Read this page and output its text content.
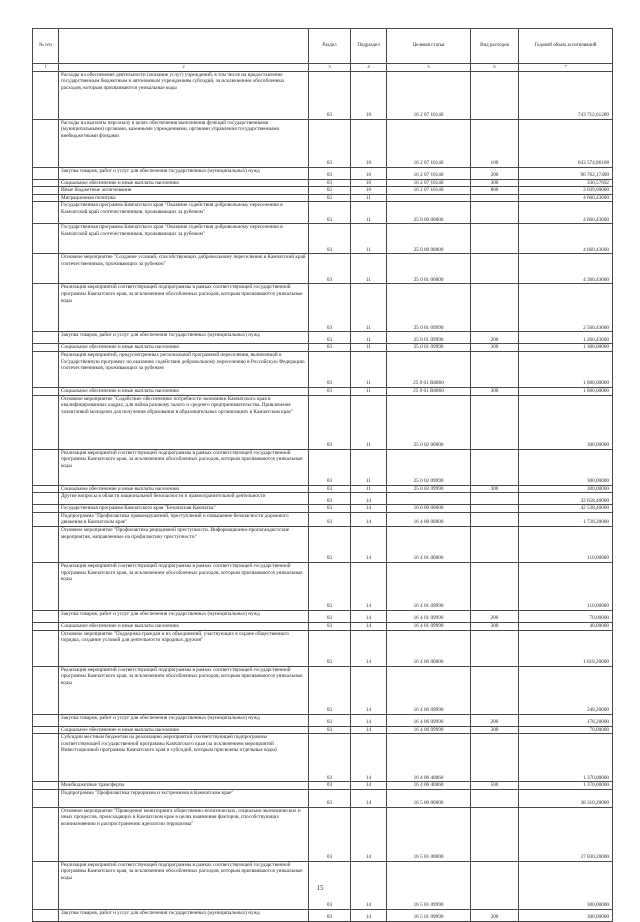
№ п/п		Раздел	Подраздел	Целевая статья	Вид расходов	Годовой объем ассигнований
1	2	3	4	5	6	7
	Расходы на обеспечение деятельности (оказание услуг) учреждений, в том числе на предоставление государственным бюджетным и автономным учреждениям субсидий, за исключением обособленных расходов, которым присваиваются уникальные коды	03	10	16 2 07 10140		743 712,61200
	Расходы на выплаты персоналу в целях обеспечения выполнения функций государственными (муниципальными) органами, казенными учреждениями, органами управления государственными внебюджетными фондами	03	10	16 2 07 10140	100	643 574,86108
	Закупка товаров, работ и услуг для обеспечения государственных (муниципальных) нужд	03	10	16 2 07 10140	200	96 762,17400
	Социальное обеспечение и иные выплаты населению	03	10	16 2 07 10140	300	336,57692
	Иные бюджетные ассигнования	03	10	16 2 07 10140	800	3 039,00000
	Миграционная политика	03	11			4 660,43600
	Государственная программа Камчатского края "Оказание содействия добровольному переселению в Камчатский край соотечественников, проживающих за рубежом"	03	11	25 0 00 00000		4 660,43600
	Государственная программа Камчатского края "Оказание содействия добровольному переселению в Камчатский край соотечественников, проживающих за рубежом"	03	11	25 0 00 00000		4 660,43600
	Основное мероприятие "Создание условий, способствующих добровольному переселению в Камчатский край соотечественников, проживающих за рубежом"	03	11	25 0 01 00000		4 360,43600
	Реализация мероприятий соответствующей подпрограммы в рамках соответствующей государственной программы Камчатского края, за исключением обособленных расходов, которым присваиваются уникальные коды	03	11	25 0 01 09990		2 560,43600
	Закупка товаров, работ и услуг для обеспечения государственных (муниципальных) нужд	03	11	25 0 01 09990	200	1 260,43600
	Социальное обеспечение и иные выплаты населению	03	11	25 0 01 09990	300	1 300,00000
	Реализация мероприятий, предусмотренных региональной программой переселения, включенной в Государственную программу по оказанию содействия добровольному переселению в Российскую Федерацию соотечественников, проживающих за рубежом	03	11	25 0 01 R0860		1 800,00000
	Социальное обеспечение и иные выплаты населению	03	11	25 0 01 R0860	300	1 800,00000
	Основное мероприятие "Содействие обеспечению потребности экономики Камчатского края в квалифицированных кадрах, для найма разовому залого и среднего предпринимательства. Привлечение талантливой молодежи для получения образования в образовательных организациях в Камчатском крае"	03	11	25 0 02 00000		300,00000
	Реализация мероприятий соответствующей подпрограммы в рамках соответствующей государственной программы Камчатского края, за исключением обособленных расходов, которым присваиваются уникальные коды	03	11	25 0 02 09990		300,00000
	Социальное обеспечение и иные выплаты населению	03	11	25 0 02 09990	300	300,00000
	Другие вопросы в области национальной безопасности и правоохранительной деятельности	03	14			42 658,40000
	Государственная программа Камчатского края "Безопасная Камчатка"	03	14	16 0 00 00000		42 538,40000
	Подпрограмма "Профилактика правонарушений, преступлений и повышение безопасности дорожного движения в Камчатском крае"	03	14	16 4 00 00000		1 728,20000
	Основное мероприятие "Профилактика рецидивной преступности. Информационно-пропагандистские мероприятия, направленные на профилактику преступности"	03	14	16 4 01 00000		110,00000
	Реализация мероприятий соответствующей подпрограммы в рамках соответствующей государственной программы Камчатского края, за исключением обособленных расходов, которым присваиваются уникальные коды	03	14	16 4 01 09990		110,00000
	Закупка товаров, работ и услуг для обеспечения государственных (муниципальных) нужд	03	14	16 4 01 09990	200	70,00000
	Социальное обеспечение и иные выплаты населению	03	14	16 4 01 09990	300	40,00000
	Основное мероприятие "Поддержка граждан и их объединений, участвующих в охране общественного порядка, создание условий для деятельности народных дружин"	03	14	16 4 06 00000		1 618,20000
	Реализация мероприятий соответствующей подпрограммы в рамках соответствующей государственной программы Камчатского края, за исключением обособленных расходов, которым присваиваются уникальные коды	03	14	16 4 06 09990		248,20000
	Закупка товаров, работ и услуг для обеспечения государственных (муниципальных) нужд	03	14	16 4 06 09990	200	178,20000
	Социальное обеспечение и иные выплаты населению	03	14	16 4 06 09990	300	70,00000
	Субсидии местным бюджетам на реализацию мероприятий соответствующей подпрограммы соответствующей государственной программы Камчатского края (за исключением мероприятий Инвестиционной программы Камчатского края и субсидий, которым присвоены отдельные коды)	03	14	16 4 06 40060		1 370,00000
	Межбюджетные трансферты	03	14	16 4 06 40060	500	1 370,00000
	Подпрограмма "Профилактика терроризма и экстремизма в Камчатском крае"	03	14	16 5 00 00000		38 310,20000
	Основное мероприятие "Проведение мониторинга общественно-политических, социально-экономических и иных процессов, происходящих в Камчатском крае в целях выявления факторов, способствующих возникновению и распространению идеологии терроризма"	03	14	16 5 01 00000		37 030,20000
	Реализация мероприятий соответствующей подпрограммы в рамках соответствующей государственной программы Камчатского края, за исключением обособленных расходов, которым присваиваются уникальные коды	03	14	16 5 01 09990		300,00000
	Закупка товаров, работ и услуг для обеспечения государственных (муниципальных) нужд	03	14	16 5 01 09990	200	300,00000
15
